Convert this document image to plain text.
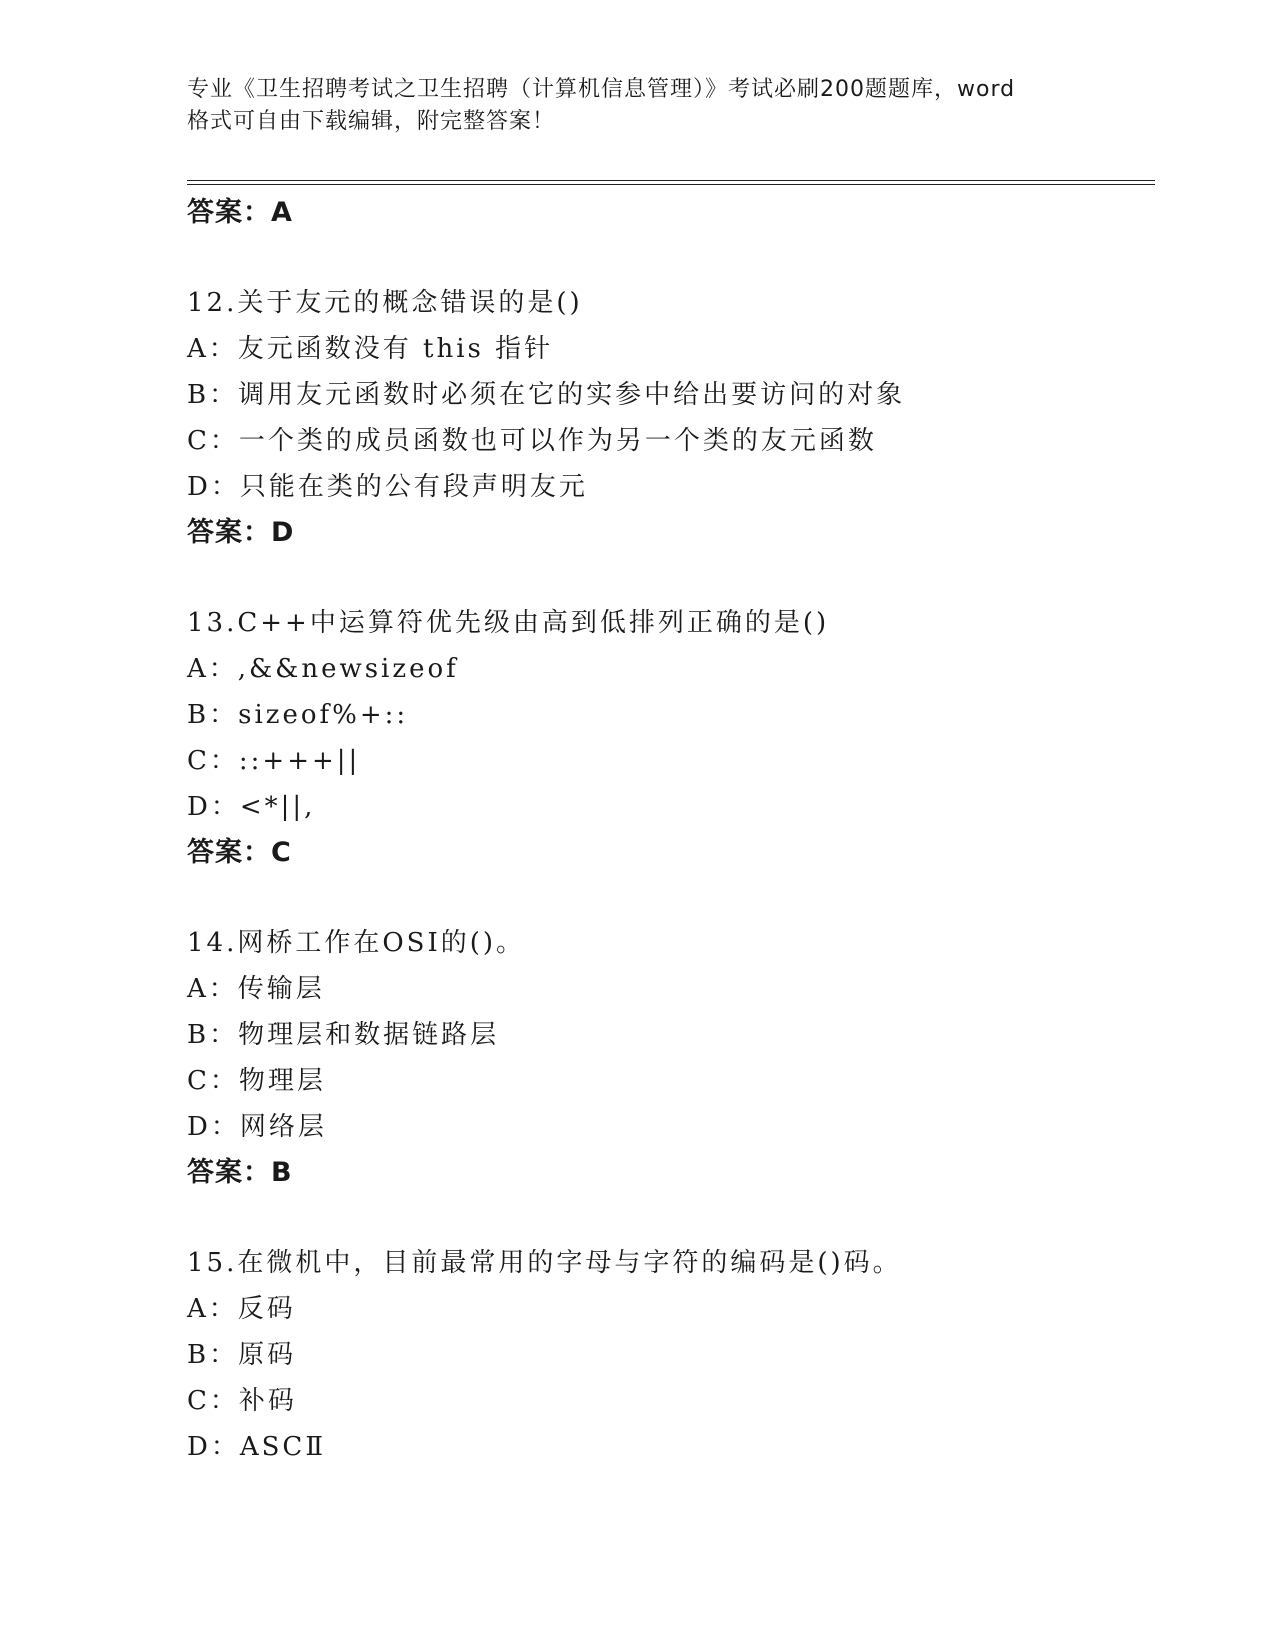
专业《卫生招聘考试之卫生招聘（计算机信息管理）》考试必刷200题题库，word
格式可自由下载编辑，附完整答案！
答案：A
12.关于友元的概念错误的是()
A：友元函数没有 this 指针
B：调用友元函数时必须在它的实参中给出要访问的对象
C：一个类的成员函数也可以作为另一个类的友元函数
D：只能在类的公有段声明友元
答案：D
13.C++中运算符优先级由高到低排列正确的是()
A：,&&newsizeof
B：sizeof%+::
C：::+++||
D：<*||,
答案：C
14.网桥工作在OSI的()。
A：传输层
B：物理层和数据链路层
C：物理层
D：网络层
答案：B
15.在微机中，目前最常用的字母与字符的编码是()码。
A：反码
B：原码
C：补码
D：ASCⅡ
